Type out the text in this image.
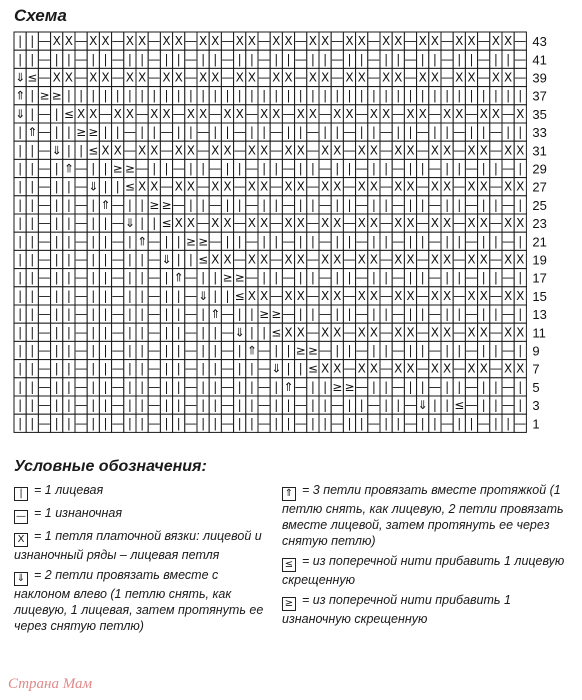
Схема
| | — X X — X X — X X — X X — X X — X X — X X — X X — X X — X X — X X — X X — X X — 43
| | — | | — | | — | | — | | — | | — | | — | | — | | — | | — | | — | | — | | — | | — 41
⇓ ≤ — X X — X X — X X — X X — X X — X X — X X — X X — X X — X X — X X — X X — X X — 39
⇑ | ≥ ≥ | | | | | | | | | | | | | | | | | | | | | | | | | | | | | | | | | | | | | | 37
⇓ | — | ≤ X X — X X — X X — X X — X X — X X — X X — X X — X X — X X — X X — X X — X 35
| ⇑ — | | ≥ ≥ | | — | | — | | — | | — | | — | | — | | — | | — | | — | | — | | — | | 33
| | — ⇓ | | ≤ X X — X X — X X — X X — X X — X X — X X — X X — X X — X X — X X — X X 31
| | — | ⇑ — | | ≥ ≥ — | | — | | — | | — | | — | | — | | — | | — | | — | | — | | — | 29
| | — | | — ⇓ | | ≤ X X — X X — X X — X X — X X — X X — X X — X X — X X — X X — X X 27
| | — | | — | ⇑ — | | ≥ ≥ — | | — | | — | | — | | — | | — | | — | | — | | — | | — | 25
| | — | | — | | — ⇓ | | ≤ X X — X X — X X — X X — X X — X X — X X — X X — X X — X X 23
| | — | | — | | — | ⇑ — | | ≥ ≥ — | | — | | — | | — | | — | | — | | — | | — | | — | 21
| | — | | — | | — | | — ⇓ | | ≤ X X — X X — X X — X X — X X — X X — X X — X X — X X 19
| | — | | — | | — | | — | ⇑ — | | ≥ ≥ — | | — | | — | | — | | — | | — | | — | | — | 17
| | — | | — | | — | | — | | — ⇓ | | ≤ X X — X X — X X — X X — X X — X X — X X — X X 15
| | — | | — | | — | | — | | — | ⇑ — | | ≥ ≥ — | | — | | — | | — | | — | | — | | — | 13
| | — | | — | | — | | — | | — | | — ⇓ | | ≤ X X — X X — X X — X X — X X — X X — X X 11
| | — | | — | | — | | — | | — | | — | ⇑ — | | ≥ ≥ — | | — | | — | | — | | — | | — | 9
| | — | | — | | — | | — | | — | | — | | — ⇓ | | ≤ X X — X X — X X — X X — X X — X X 7
| | — | | — | | — | | — | | — | | — | | — | ⇑ — | | ≥ ≥ — | | — | | — | | — | | — | 5
| | — | | — | | — | | — | | — | | — | | — | | — | | — | | — | | — ⇓ | | ≤ — | | — | 3
| | — | | — | | — | | — | | — | | — | | — | | — | | — | | — | | — | | — | | — | | — 1
Условные обозначения:
| = 1 лицевая
— = 1 изнаночная
X = 1 петля платочной вязки: лицевой и изнаночный ряды – лицевая петля
⇓ = 2 петли провязать вместе с наклоном влево (1 петлю снять, как лицевую, 1 лицевая, затем протянуть ее через снятую петлю)
⇑ = 3 петли провязать вместе протяжкой (1 петлю снять, как лицевую, 2 петли провязать вместе лицевой, затем протянуть ее через снятую петлю)
≤ = из поперечной нити прибавить 1 лицевую скрещенную
≥ = из поперечной нити прибавить 1 изнаночную скрещенную
Страна Мам
